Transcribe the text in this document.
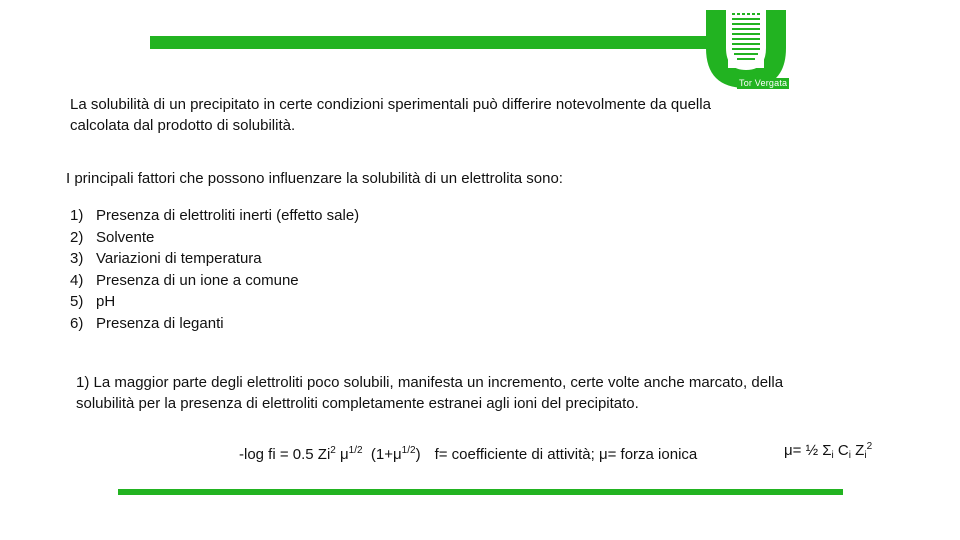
Tor Vergata

La solubilità di un precipitato in certe condizioni sperimentali può differire notevolmente da quella
calcolata dal prodotto di solubilità.

I principali fattori che possono influenzare la solubilità di un elettrolita sono:

1) Presenza di elettroliti inerti (effetto sale)
2) Solvente
3) Variazioni di temperatura
4) Presenza di un ione a comune
5) pH
6) Presenza di leganti

1) La maggior parte degli elettroliti poco solubili, manifesta un incremento, certe volte anche marcato, della
solubilità per la presenza di elettroliti completamente estranei agli ioni del precipitato.

-log fi = 0.5 Zi$^2$ $\mu^{1/2}$  $(1+\mu^{1/2})$ f= coefficiente di attività; μ= forza ionica	μ= ½ $\Sigma_i$ $C_i$ $Z_i^2$
